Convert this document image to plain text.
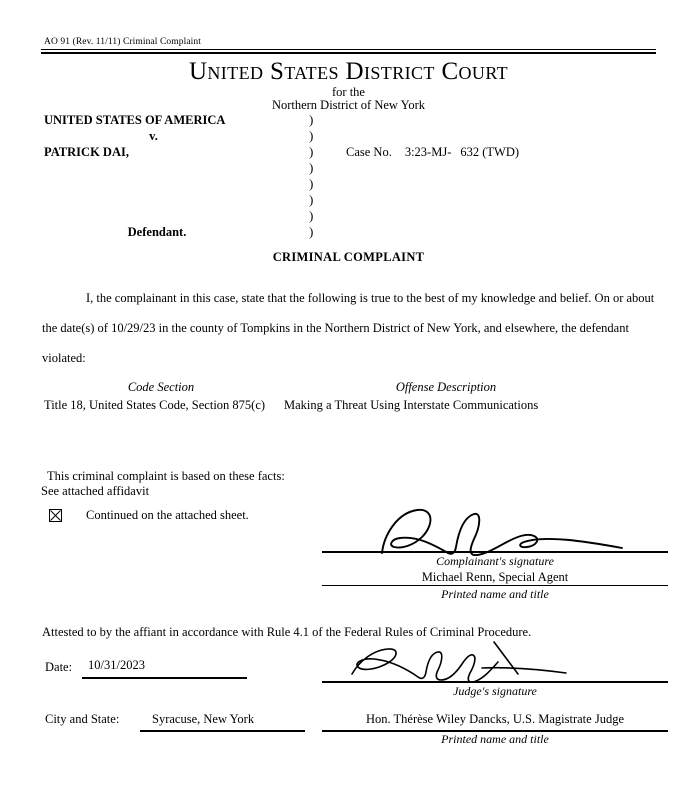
AO 91 (Rev. 11/11) Criminal Complaint
United States District Court
for the
Northern District of New York
UNITED STATES OF AMERICA
v.
PATRICK DAI,
Defendant.
)
)
)
)
)
)
)
)
Case No. 3:23-MJ- 632 (TWD)
CRIMINAL COMPLAINT
I, the complainant in this case, state that the following is true to the best of my knowledge and belief. On or about the date(s) of 10/29/23 in the county of Tompkins in the Northern District of New York, and elsewhere, the defendant violated:
Code Section	Offense Description
Title 18, United States Code, Section 875(c)	Making a Threat Using Interstate Communications
This criminal complaint is based on these facts:
See attached affidavit
Continued on the attached sheet.
Complainant's signature
Michael Renn, Special Agent
Printed name and title
Attested to by the affiant in accordance with Rule 4.1 of the Federal Rules of Criminal Procedure.
Date: 10/31/2023
Judge's signature
City and State:	Syracuse, New York	Hon. Thérèse Wiley Dancks, U.S. Magistrate Judge
Printed name and title
